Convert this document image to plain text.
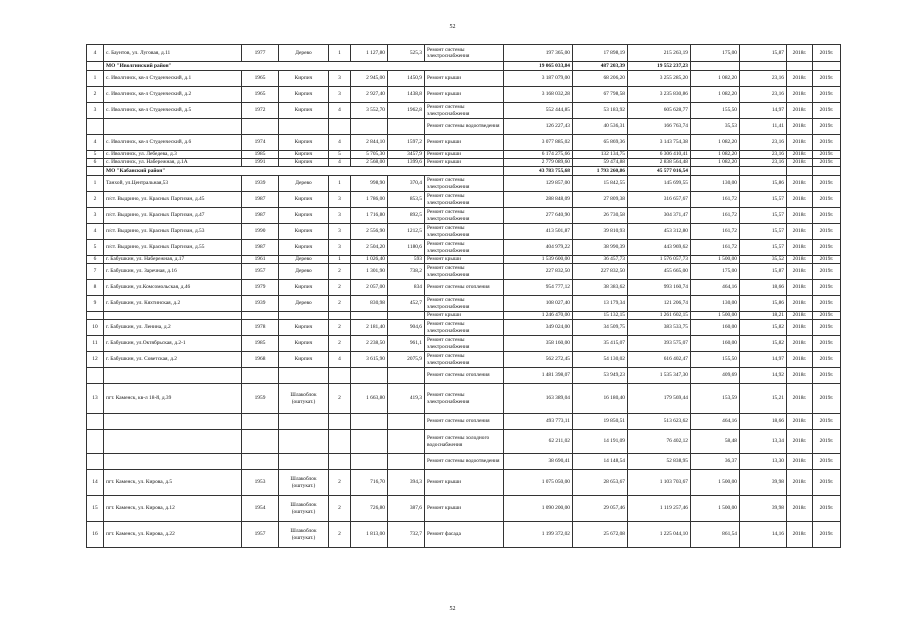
52
4	с. Баунтов, ул. Луговая, д.11	1977	Дерево	1	1 127,80	525,3	Ремонт системы электроснабжения	197 365,00	17 898,19	215 263,19	175,00	15,87	2018г.	2019г.
	МО "Иволгинский район"							19 065 033,84	487 203,39	19 552 237,23				
1	с. Иволгинск, кв-л Студенческий, д.1	1965	Кирпич	3	2 945,00	1450,9	Ремонт крыши	3 187 079,00	68 206,20	3 255 285,20	1 082,20	23,16	2018г.	2019г.
2	с. Иволгинск, кв-л Студенческий, д.2	1965	Кирпич	3	2 927,40	1438,8	Ремонт крыши	3 168 032,28	67 798,58	3 235 830,86	1 082,20	23,16	2018г.	2019г.
3	с. Иволгинск, кв-л Студенческий, д.5	1972	Кирпич	4	3 552,70	1962,8	Ремонт системы электроснабжения	552 444,85	53 183,92	605 628,77	155,50	14,97	2018г.	2019г.
							Ремонт системы водоотведения	126 227,43	40 536,31	166 763,74	35,53	11,41	2018г.	2019г.
4	с. Иволгинск, кв-л Студенческий, д.6	1974	Кирпич	4	2 844,10	1597,2	Ремонт крыши	3 077 885,02	65 869,36	3 143 754,38	1 082,20	23,16	2018г.	2019г.
5	с. Иволгинск, ул. Лебедева, д.3	1985	Кирпич	5	5 705,30	3457,9	Ремонт крыши	6 174 275,66	132 134,75	6 306 410,41	1 082,20	23,16	2018г.	2019г.
6	с. Иволгинск, ул. Набережная, д.1А	1991	Кирпич	4	2 568,00	1399,6	Ремонт крыши	2 779 089,60	59 474,88	2 838 564,48	1 082,20	23,16	2018г.	2019г.
	МО "Кабанский район"							43 783 755,68	1 793 260,86	45 577 016,54				
1	Танхой, ул.Центральная,53	1939	Дерево	1	998,90	370,4	Ремонт системы электроснабжения	129 857,00	15 842,55	145 699,55	130,00	15,86	2018г.	2019г.
2	п/ст. Выдрино, ул. Красных Партизан, д.45	1987	Кирпич	3	1 786,00	853,5	Ремонт системы электроснабжения	288 848,09	27 809,38	316 657,67	161,72	15,57	2018г.	2019г.
3	п/ст. Выдрино, ул. Красных Партизан, д.47	1987	Кирпич	3	1 716,80	892,5	Ремонт системы электроснабжения	277 640,90	26 730,58	304 371,47	161,72	15,57	2018г.	2019г.
4	п/ст. Выдрино, ул. Красных Партизан, д.53	1990	Кирпич	3	2 556,90	1212,5	Ремонт системы электроснабжения	413 501,87	39 810,93	453 312,80	161,72	15,57	2018г.	2019г.
5	п/ст. Выдрино, ул. Красных Партизан, д.55	1987	Кирпич	3	2 504,20	1180,6	Ремонт системы электроснабжения	404 979,22	38 990,39	443 969,62	161,72	15,57	2018г.	2019г.
6	г. Бабушкин, ул. Набережная, д.17	1961	Дерево	1	1 026,40	593	Ремонт крыши	1 539 600,00	36 457,73	1 576 057,73	1 500,00	35,52	2018г.	2019г.
7	г. Бабушкин, ул. Заречная, д.16	1957	Дерево	2	1 301,90	738,2	Ремонт системы электроснабжения	227 832,50	227 832,50	455 665,00	175,00	15,87	2018г.	2019г.
8	г. Бабушкин, ул.Комсомольская, д.46	1979	Кирпич	2	2 057,00	834	Ремонт системы отопления	954 777,12	38 383,62	993 160,74	464,16	18,66	2018г.	2019г.
9	г. Бабушкин, ул. Кяхтинская, д.2	1939	Дерево	2	830,98	452,7	Ремонт системы электроснабжения	108 027,40	13 179,34	121 206,74	130,00	15,86	2018г.	2019г.
							Ремонт крыши	1 246 470,00	15 132,15	1 261 602,15	1 500,00	18,21	2018г.	2019г.
10	г. Бабушкин, ул. Ленина, д.2	1978	Кирпич	2	2 181,40	904,6	Ремонт системы электроснабжения	349 024,00	34 509,75	383 533,75	160,00	15,82	2018г.	2019г.
11	г. Бабушкин, ул.Октябрьская, д.2-1	1985	Кирпич	2	2 238,50	961,1	Ремонт системы электроснабжения	358 160,00	35 415,07	393 575,07	160,00	15,82	2018г.	2019г.
12	г. Бабушкин, ул. Советская, д.2	1968	Кирпич	4	3 615,90	2075,9	Ремонт системы электроснабжения	562 272,45	54 130,02	616 402,47	155,50	14,97	2018г.	2019г.
							Ремонт системы отопления	1 481 398,07	53 949,23	1 535 347,30	409,69	14,92	2018г.	2019г.
13	пгт. Каменск, кв-л 18-й, д.39	1959	Шлакоблок (оштукат.)	2	1 663,80	419,3	Ремонт системы электроснабжения	163 389,04	16 180,40	179 569,44	153,59	15,21	2018г.	2019г.
							Ремонт системы отопления	493 773,11	19 850,51	513 623,62	464,16	18,66	2018г.	2019г.
							Ремонт системы холодного водоснабжения	62 211,02	14 191,09	76 402,12	58,48	13,34	2018г.	2019г.
							Ремонт системы водоотведения	38 690,41	14 148,54	52 838,95	36,37	13,30	2018г.	2019г.
14	пгт. Каменск, ул. Кирова, д.5	1953	Шлакоблок (оштукат.)	2	716,70	394,3	Ремонт крыши	1 075 050,00	28 653,67	1 103 703,67	1 500,00	39,98	2018г.	2019г.
15	пгт. Каменск, ул. Кирова, д.12	1954	Шлакоблок (оштукат.)	2	726,80	387,6	Ремонт крыши	1 090 200,00	29 057,46	1 119 257,46	1 500,00	39,98	2018г.	2019г.
16	пгт. Каменск, ул. Кирова, д.22	1957	Шлакоблок (оштукат.)	2	1 813,00	732,7	Ремонт фасада	1 199 372,02	25 672,08	1 225 044,10	861,54	14,16	2018г.	2019г.
52
